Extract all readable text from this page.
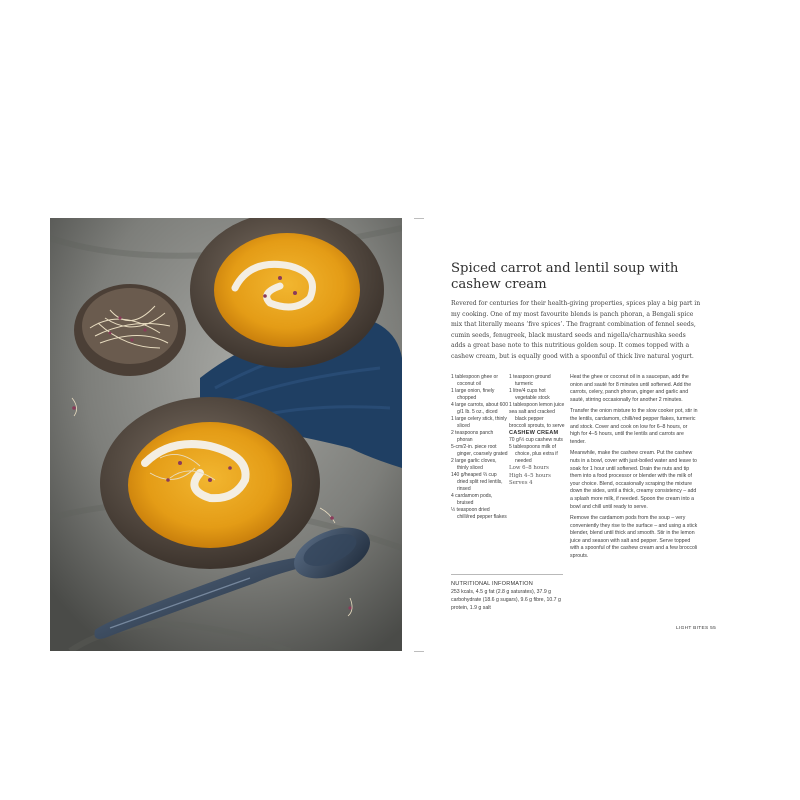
Spiced carrot and lentil soup with cashew cream

Revered for centuries for their health-giving properties, spices play a big part in my cooking. One of my most favourite blends is panch phoran, a Bengali spice mix that literally means ‘five spices’. The fragrant combination of fennel seeds, cumin seeds, fenugreek, black mustard seeds and nigella/charnushka seeds adds a great base note to this nutritious golden soup. It comes topped with a cashew cream, but is equally good with a spoonful of thick live natural yogurt.

1 tablespoon ghee or coconut oil
1 large onion, finely chopped
4 large carrots, about 600 g/1 lb. 5 oz., diced
1 large celery stick, thinly sliced
2 teaspoons panch phoran
5-cm/2-in. piece root ginger, coarsely grated
2 large garlic cloves, thinly sliced
140 g/heaped ⅔ cup dried split red lentils, rinsed
4 cardamom pods, bruised
½ teaspoon dried chilli/red pepper flakes
1 teaspoon ground turmeric
1 litre/4 cups hot vegetable stock
1 tablespoon lemon juice
sea salt and cracked black pepper
broccoli sprouts, to serve
CASHEW CREAM
70 g/½ cup cashew nuts
5 tablespoons milk of choice, plus extra if needed
Low 6–8 hours
High 4–5 hours
Serves 4

Heat the ghee or coconut oil in a saucepan, add the onion and sauté for 8 minutes until softened. Add the carrots, celery, panch phoran, ginger and garlic and sauté, stirring occasionally for another 2 minutes.

Transfer the onion mixture to the slow cooker pot, stir in the lentils, cardamom, chilli/red pepper flakes, turmeric and stock. Cover and cook on low for 6–8 hours, or high for 4–5 hours, until the lentils and carrots are tender.

Meanwhile, make the cashew cream. Put the cashew nuts in a bowl, cover with just-boiled water and leave to soak for 1 hour until softened. Drain the nuts and tip them into a food processor or blender with the milk of your choice. Blend, occasionally scraping the mixture down the sides, until a thick, creamy consistency – add a splash more milk, if needed. Spoon the cream into a bowl and chill until ready to serve.

Remove the cardamom pods from the soup – very conveniently they rise to the surface – and using a stick blender, blend until thick and smooth. Stir in the lemon juice and season with salt and pepper. Serve topped with a spoonful of the cashew cream and a few broccoli sprouts.

NUTRITIONAL INFORMATION
253 kcals, 4.5 g fat (2.8 g saturates), 37.9 g carbohydrate (18.6 g sugars), 9.6 g fibre, 10.7 g protein, 1.9 g salt
LIGHT BITES 55
